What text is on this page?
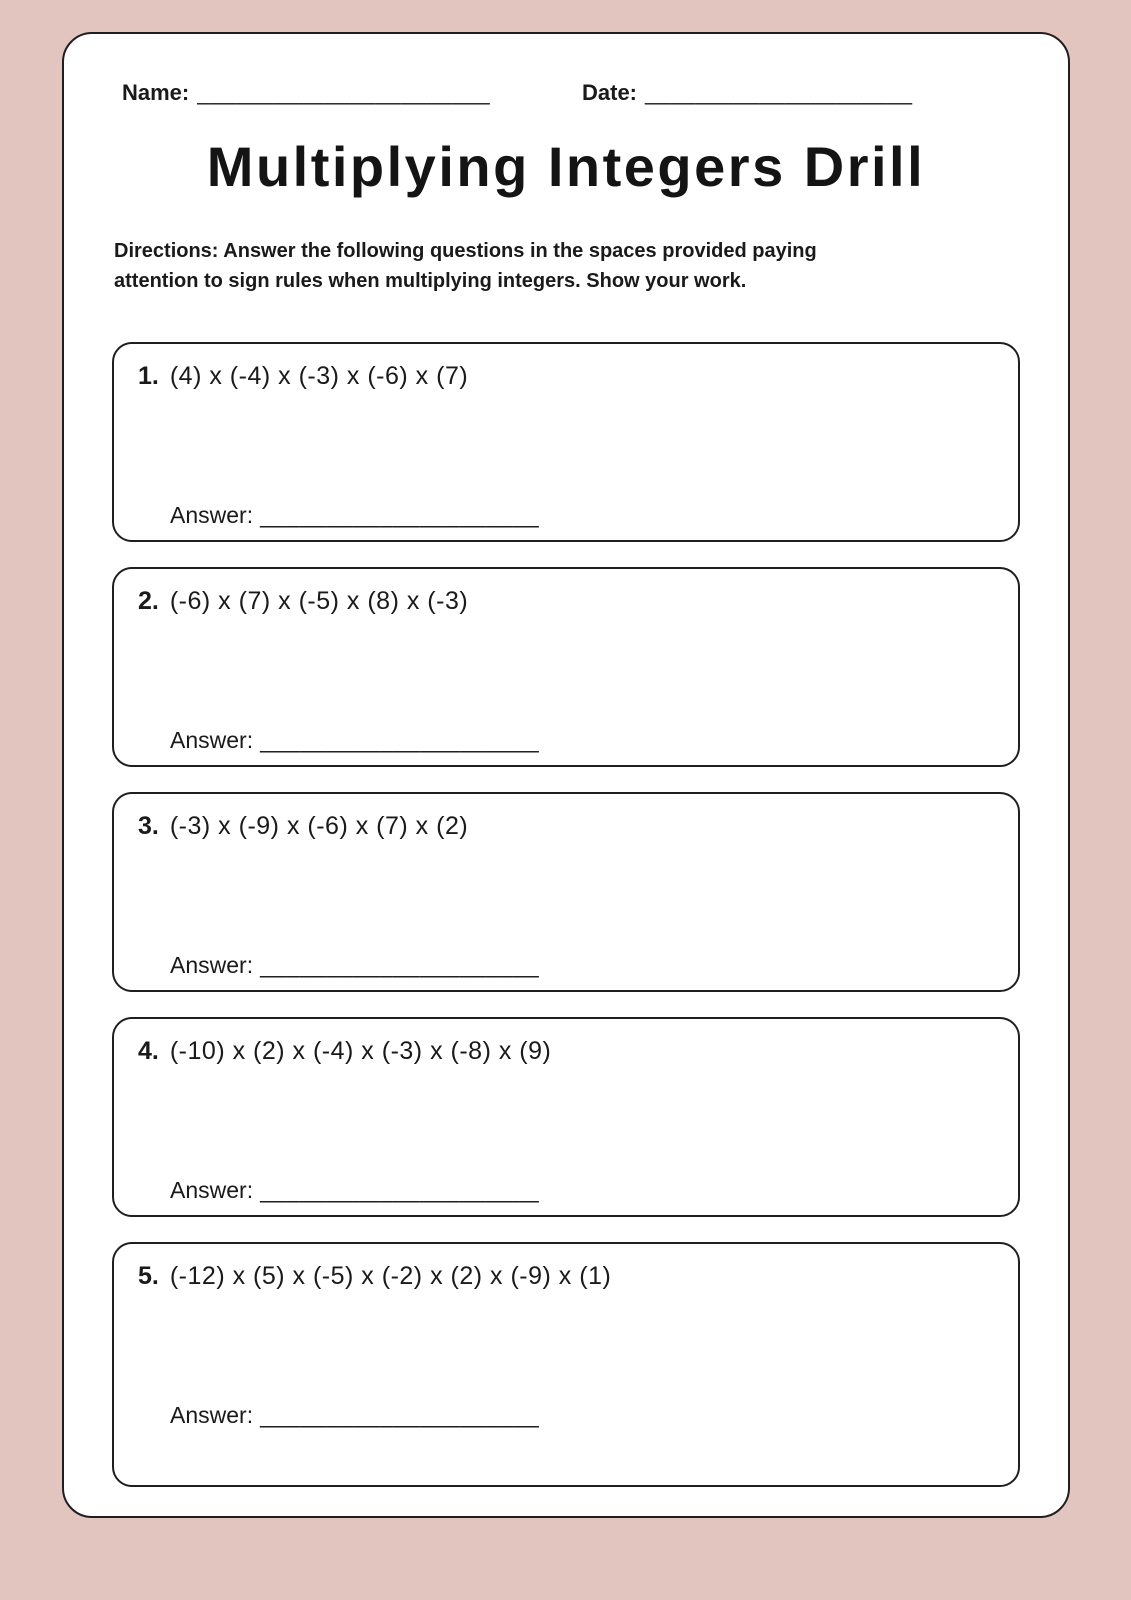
Name: _______________________	Date: _____________________
Multiplying Integers Drill

Directions: Answer the following questions in the spaces provided paying
attention to sign rules when multiplying integers. Show your work.

1. (4) x (-4) x (-3) x (-6) x (7)
Answer: _____________________
2. (-6) x (7) x (-5) x (8) x (-3)
Answer: _____________________
3. (-3) x (-9) x (-6) x (7) x (2)
Answer: _____________________
4. (-10) x (2) x (-4) x (-3) x (-8) x (9)
Answer: _____________________
5. (-12) x (5) x (-5) x (-2) x (2) x (-9) x (1)
Answer: _____________________
